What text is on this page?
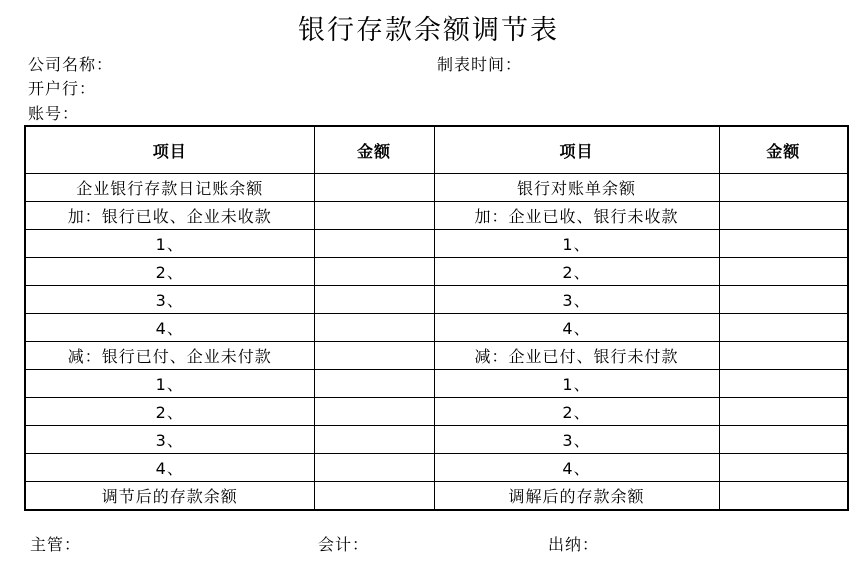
银行存款余额调节表
公司名称：	制表时间：
开户行：
账号：
项目	金额	项目	金额
企业银行存款日记账余额		银行对账单余额	
加：银行已收、企业未收款		加：企业已收、银行未收款	
1、		1、	
2、		2、	
3、		3、	
4、		4、	
减：银行已付、企业未付款		减：企业已付、银行未付款	
1、		1、	
2、		2、	
3、		3、	
4、		4、	
调节后的存款余额		调解后的存款余额	
主管：	会计：	出纳：
